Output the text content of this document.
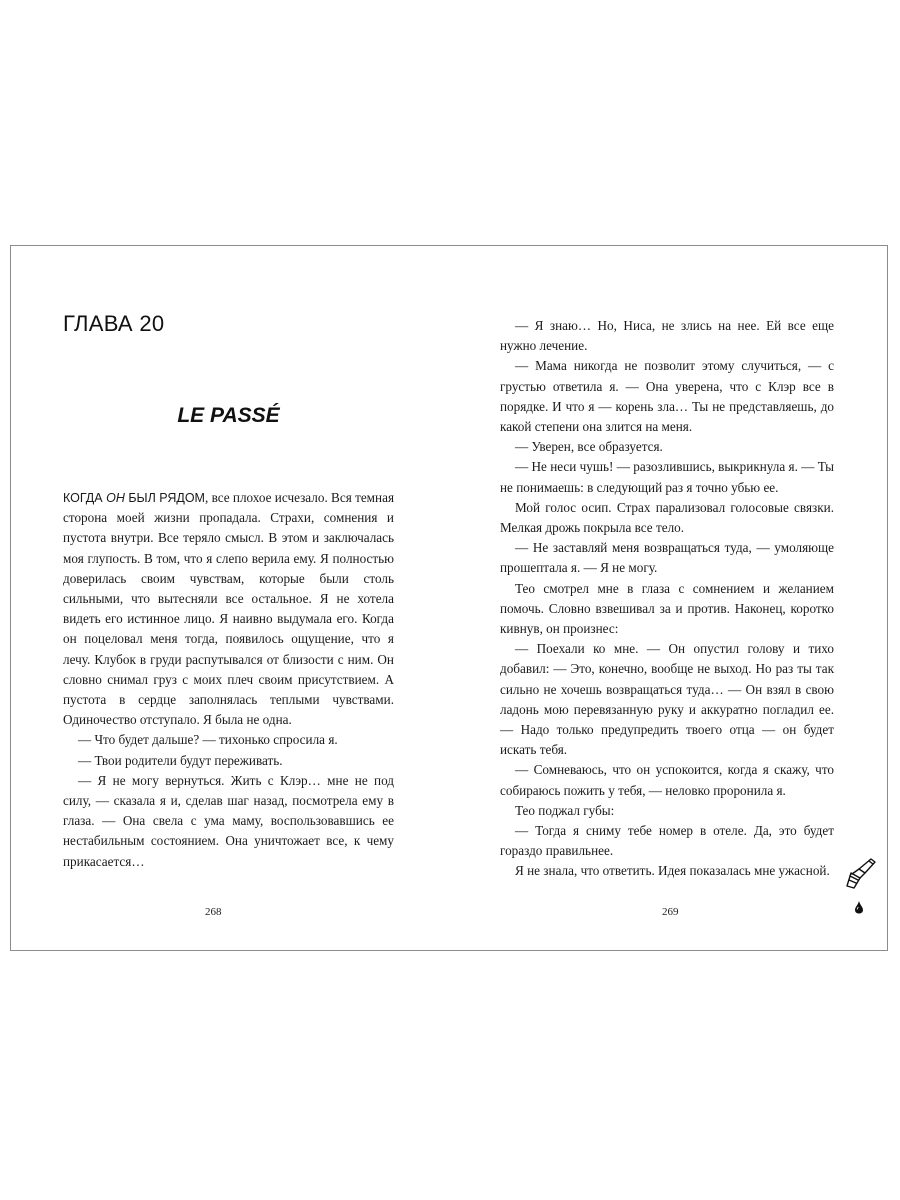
ГЛАВА 20
LE PASSÉ

КОГДА ОН БЫЛ РЯДОМ, все плохое исчезало. Вся темная сторона моей жизни пропадала. Страхи, сомнения и пустота внутри. Все теряло смысл. В этом и заключалась моя глупость. В том, что я слепо верила ему. Я полностью доверилась своим чувствам, которые были столь сильными, что вытесняли все остальное. Я не хотела видеть его истинное лицо. Я наивно выдумала его. Когда он поцеловал меня тогда, появилось ощущение, что я лечу. Клубок в груди распутывался от близости с ним. Он словно снимал груз с моих плеч своим присутствием. А пустота в сердце заполнялась теплыми чувствами. Одиночество отступало. Я была не одна.

— Что будет дальше? — тихонько спросила я.

— Твои родители будут переживать.

— Я не могу вернуться. Жить с Клэр… мне не под силу, — сказала я и, сделав шаг назад, посмотрела ему в глаза. — Она свела с ума маму, воспользовавшись ее нестабильным состоянием. Она уничтожает все, к чему прикасается…

268

— Я знаю… Но, Ниса, не злись на нее. Ей все еще нужно лечение.

— Мама никогда не позволит этому случиться, — с грустью ответила я. — Она уверена, что с Клэр все в порядке. И что я — корень зла… Ты не представляешь, до какой степени она злится на меня.

— Уверен, все образуется.

— Не неси чушь! — разозлившись, выкрикнула я. — Ты не понимаешь: в следующий раз я точно убью ее.

Мой голос осип. Страх парализовал голосовые связки. Мелкая дрожь покрыла все тело.

— Не заставляй меня возвращаться туда, — умоляюще прошептала я. — Я не могу.

Тео смотрел мне в глаза с сомнением и желанием помочь. Словно взвешивал за и против. Наконец, коротко кивнув, он произнес:

— Поехали ко мне. — Он опустил голову и тихо добавил: — Это, конечно, вообще не выход. Но раз ты так сильно не хочешь возвращаться туда… — Он взял в свою ладонь мою перевязанную руку и аккуратно погладил ее. — Надо только предупредить твоего отца — он будет искать тебя.

— Сомневаюсь, что он успокоится, когда я скажу, что собираюсь пожить у тебя, — неловко проронила я.

Тео поджал губы:

— Тогда я сниму тебе номер в отеле. Да, это будет гораздо правильнее.

Я не знала, что ответить. Идея показалась мне ужасной.

269
